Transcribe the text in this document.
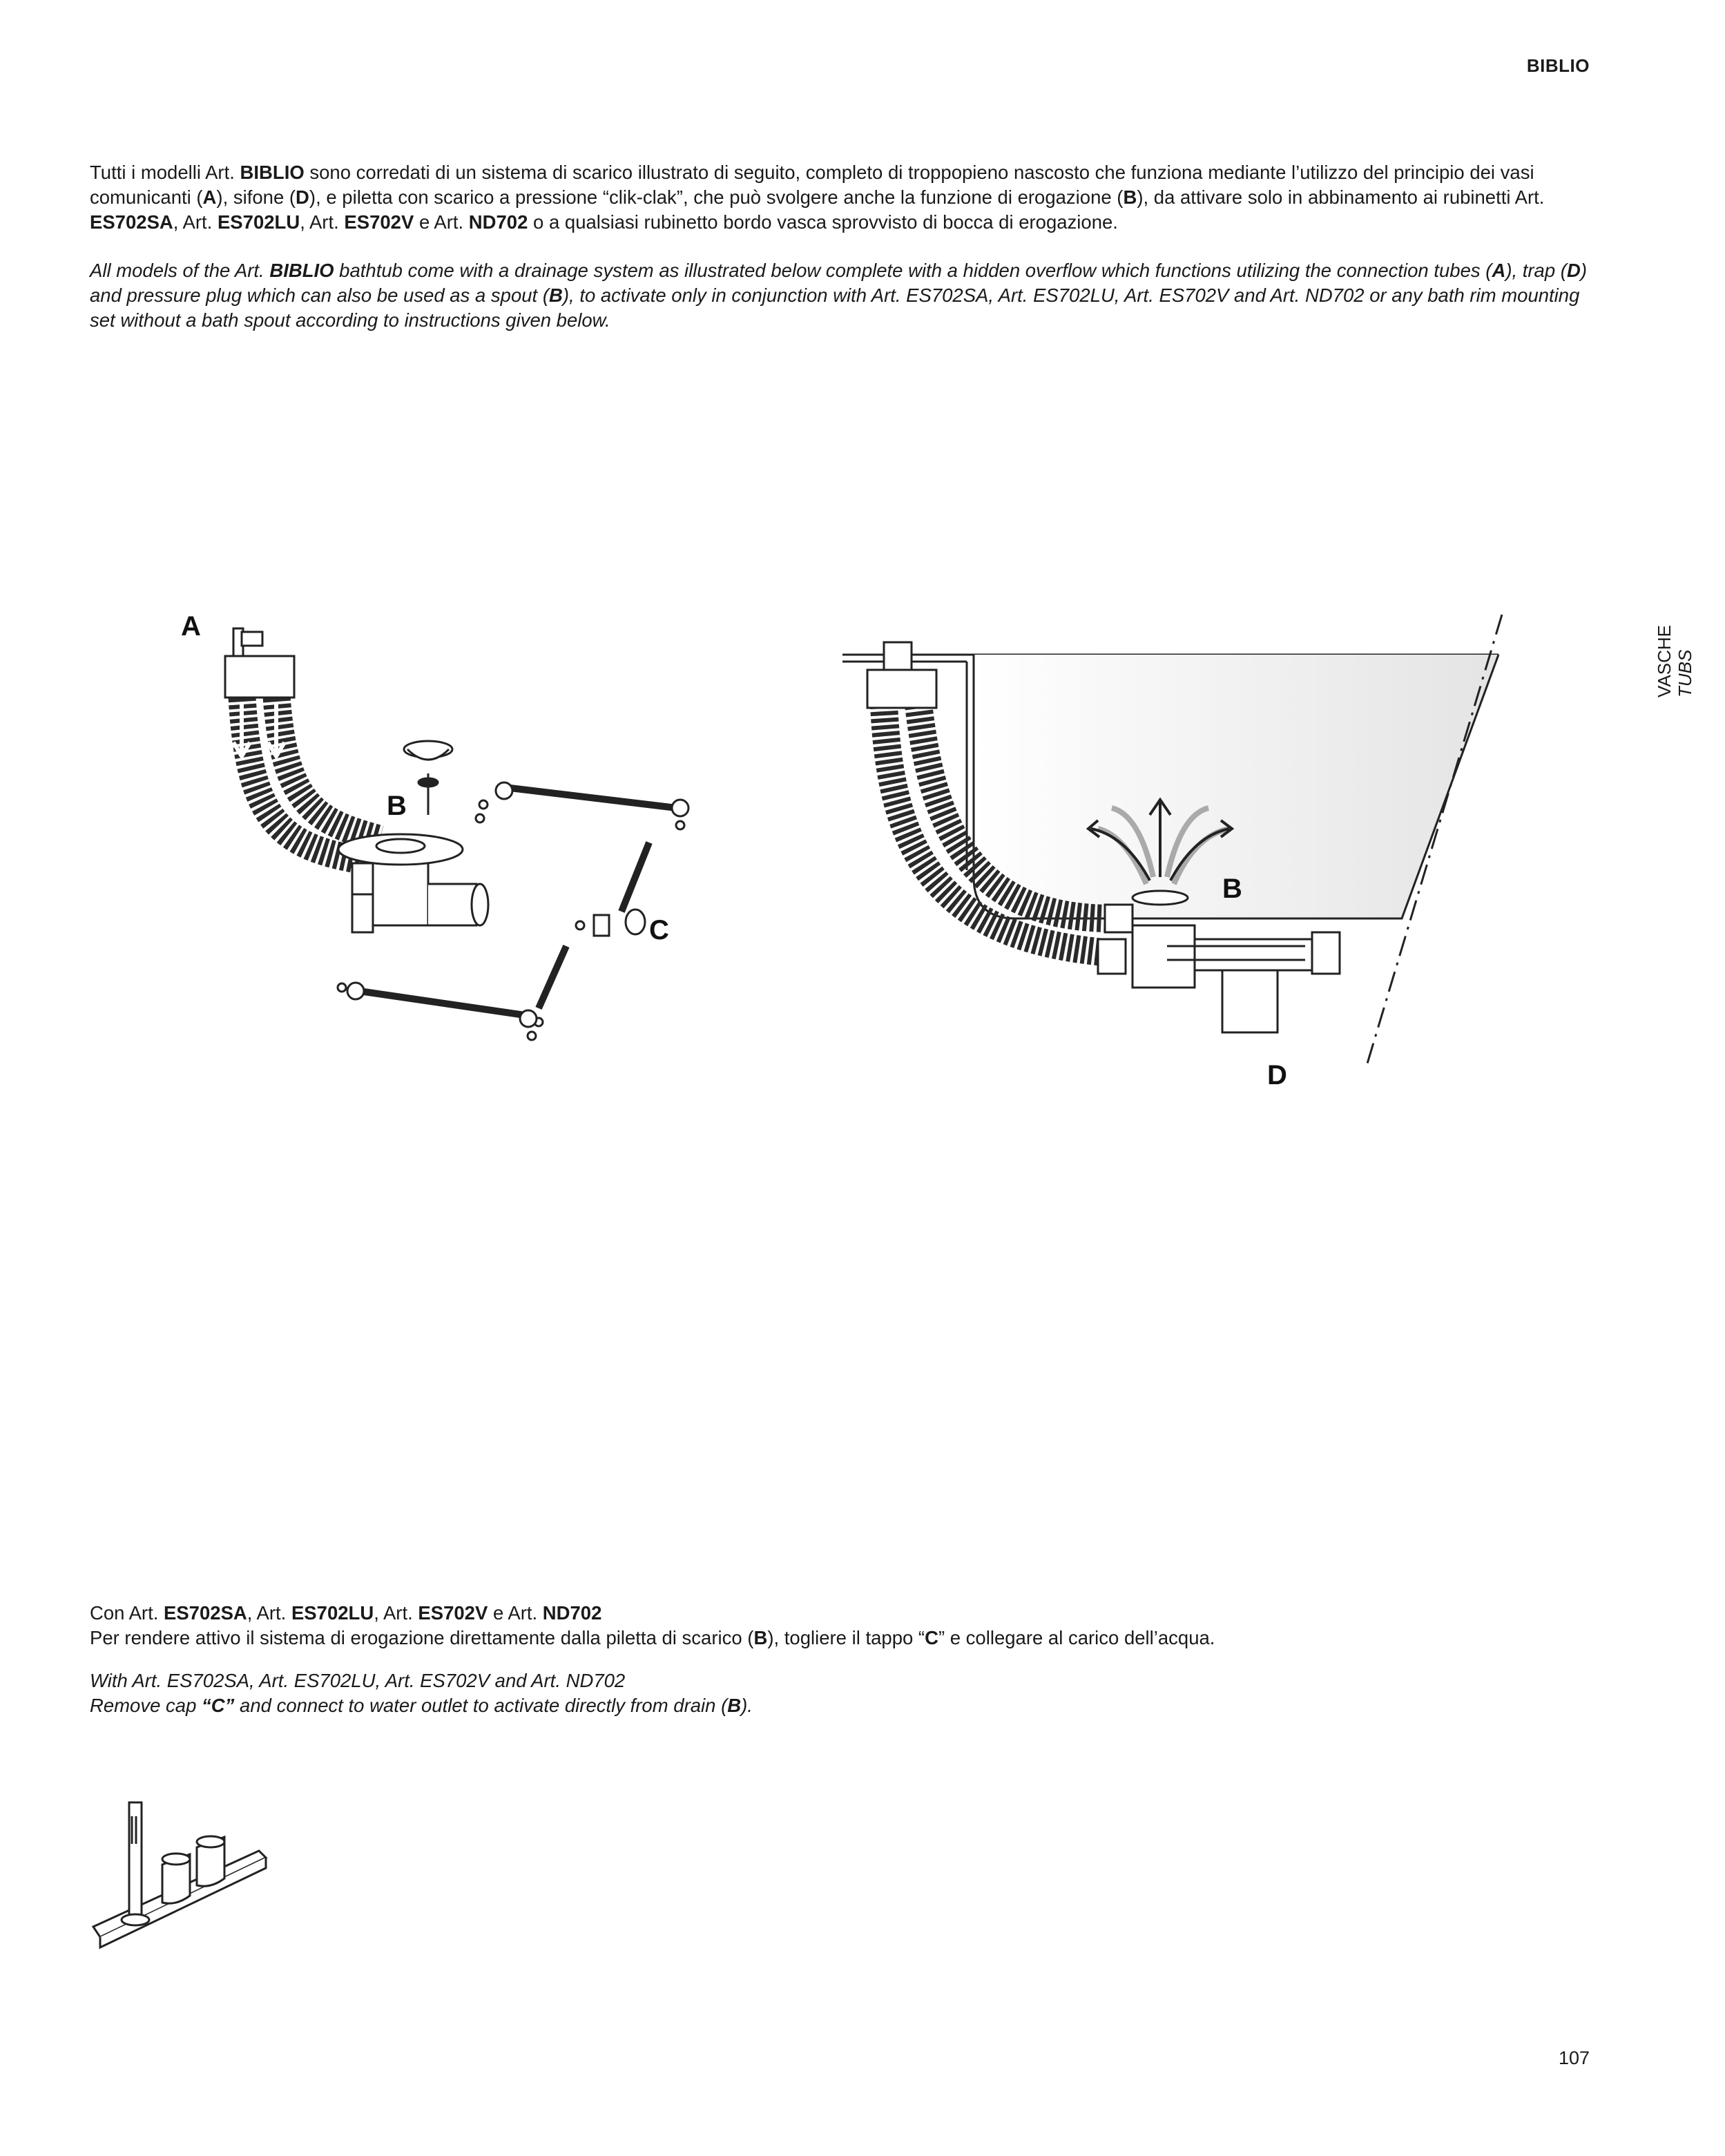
BIBLIO

Tutti i modelli Art. BIBLIO sono corredati di un sistema di scarico illustrato di seguito, completo di troppopieno nascosto che funziona mediante l’utilizzo del principio dei vasi comunicanti (A), sifone (D), e piletta con scarico a pressione “clik-clak”, che può svolgere anche la funzione di erogazione (B), da attivare solo in abbinamento ai rubinetti Art. ES702SA, Art. ES702LU, Art. ES702V e Art. ND702 o a qualsiasi rubinetto bordo vasca sprovvisto di bocca di erogazione.

All models of the Art. BIBLIO bathtub come with a drainage system as illustrated below complete with a hidden overflow which functions utilizing the connection tubes (A), trap (D) and pressure plug which can also be used as a spout (B), to activate only in conjunction with Art. ES702SA, Art. ES702LU, Art. ES702V and Art. ND702 or any bath rim mounting set without a bath spout according to instructions given below.

VASCHE TUBS
A
B
C
B
D
Con Art. ES702SA, Art. ES702LU, Art. ES702V e Art. ND702
Per rendere attivo il sistema di erogazione direttamente dalla piletta di scarico (B), togliere il tappo “C” e collegare al carico dell’acqua.
With Art. ES702SA, Art. ES702LU, Art. ES702V and Art. ND702
Remove cap “C” and connect to water outlet to activate directly from drain (B).
107
